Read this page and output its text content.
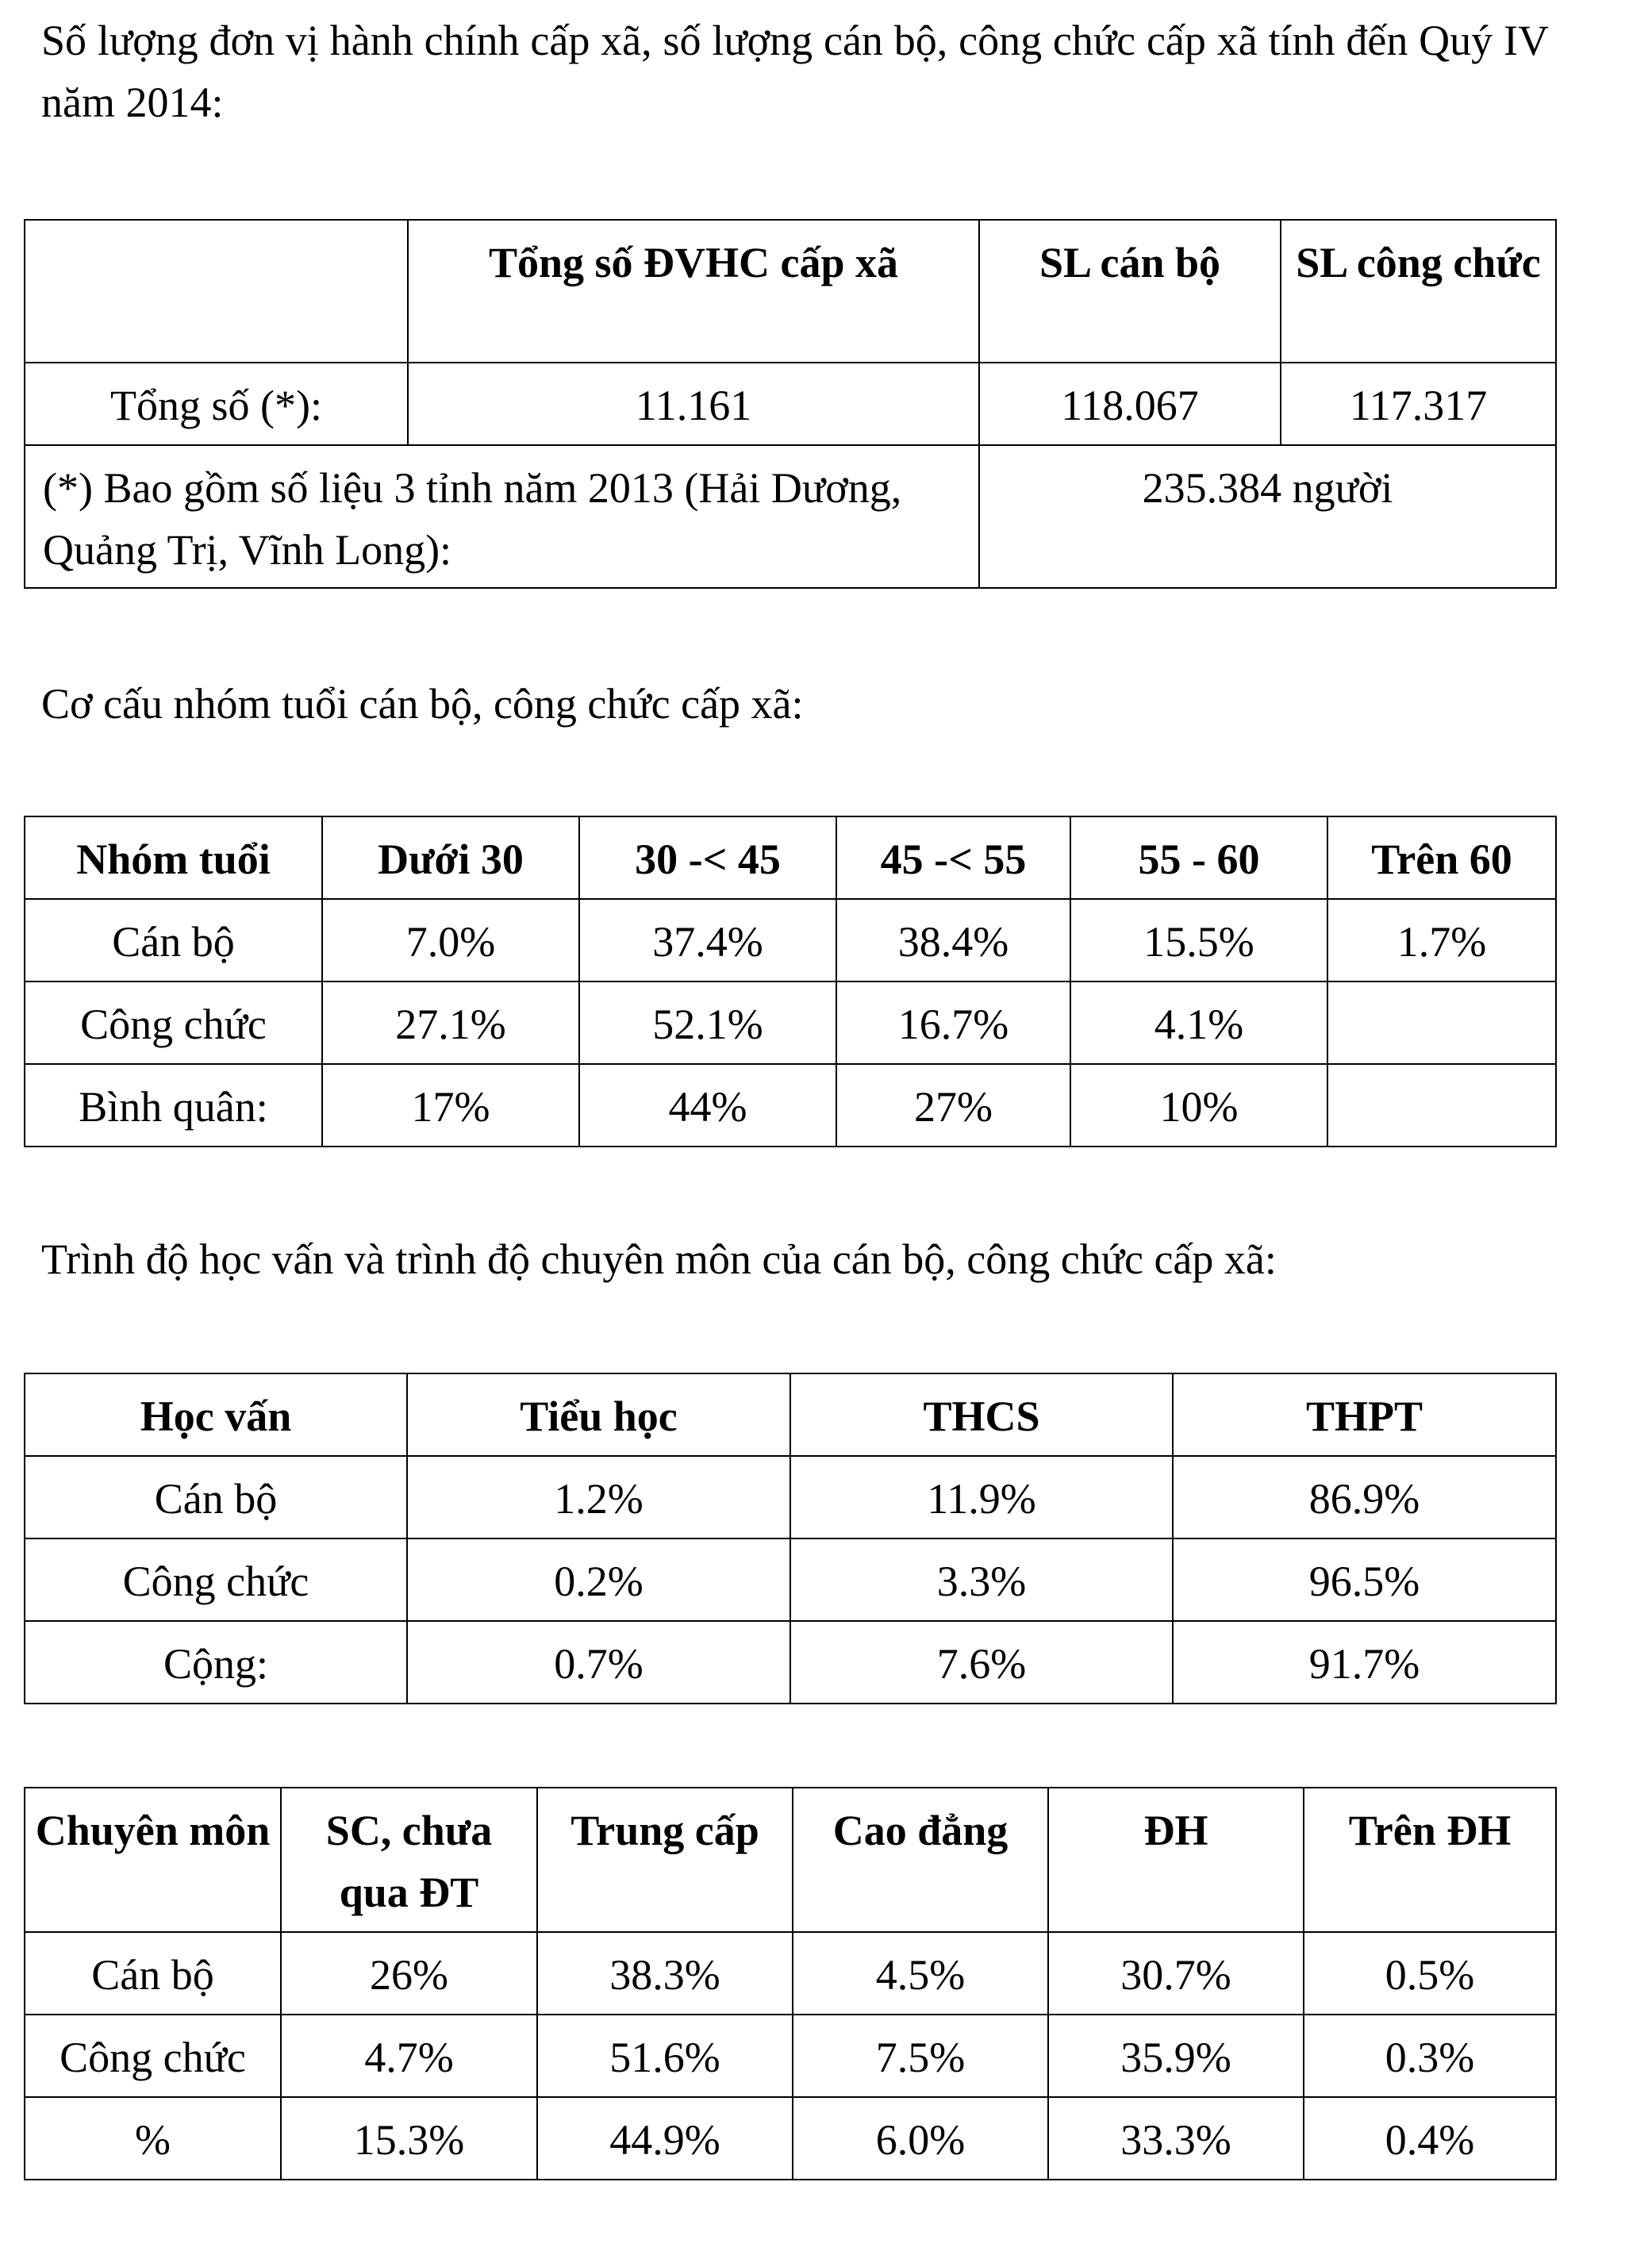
Số lượng đơn vị hành chính cấp xã, số lượng cán bộ, công chức cấp xã tính đến Quý IV năm 2014:

	Tổng số ĐVHC cấp xã	SL cán bộ	SL công chức
Tổng số (*):	11.161	118.067	117.317
(*) Bao gồm số liệu 3 tỉnh năm 2013 (Hải Dương, Quảng Trị, Vĩnh Long):		235.384 người	

Cơ cấu nhóm tuổi cán bộ, công chức cấp xã:

Nhóm tuổi	Dưới 30	30 -< 45	45 -< 55	55 - 60	Trên 60
Cán bộ	7.0%	37.4%	38.4%	15.5%	1.7%
Công chức	27.1%	52.1%	16.7%	4.1%	
Bình quân:	17%	44%	27%	10%	

Trình độ học vấn và trình độ chuyên môn của cán bộ, công chức cấp xã:

Học vấn	Tiểu học	THCS	THPT
Cán bộ	1.2%	11.9%	86.9%
Công chức	0.2%	3.3%	96.5%
Cộng:	0.7%	7.6%	91.7%
Chuyên môn	SC, chưa qua ĐT	Trung cấp	Cao đẳng	ĐH	Trên ĐH
Cán bộ	26%	38.3%	4.5%	30.7%	0.5%
Công chức	4.7%	51.6%	7.5%	35.9%	0.3%
%	15.3%	44.9%	6.0%	33.3%	0.4%
